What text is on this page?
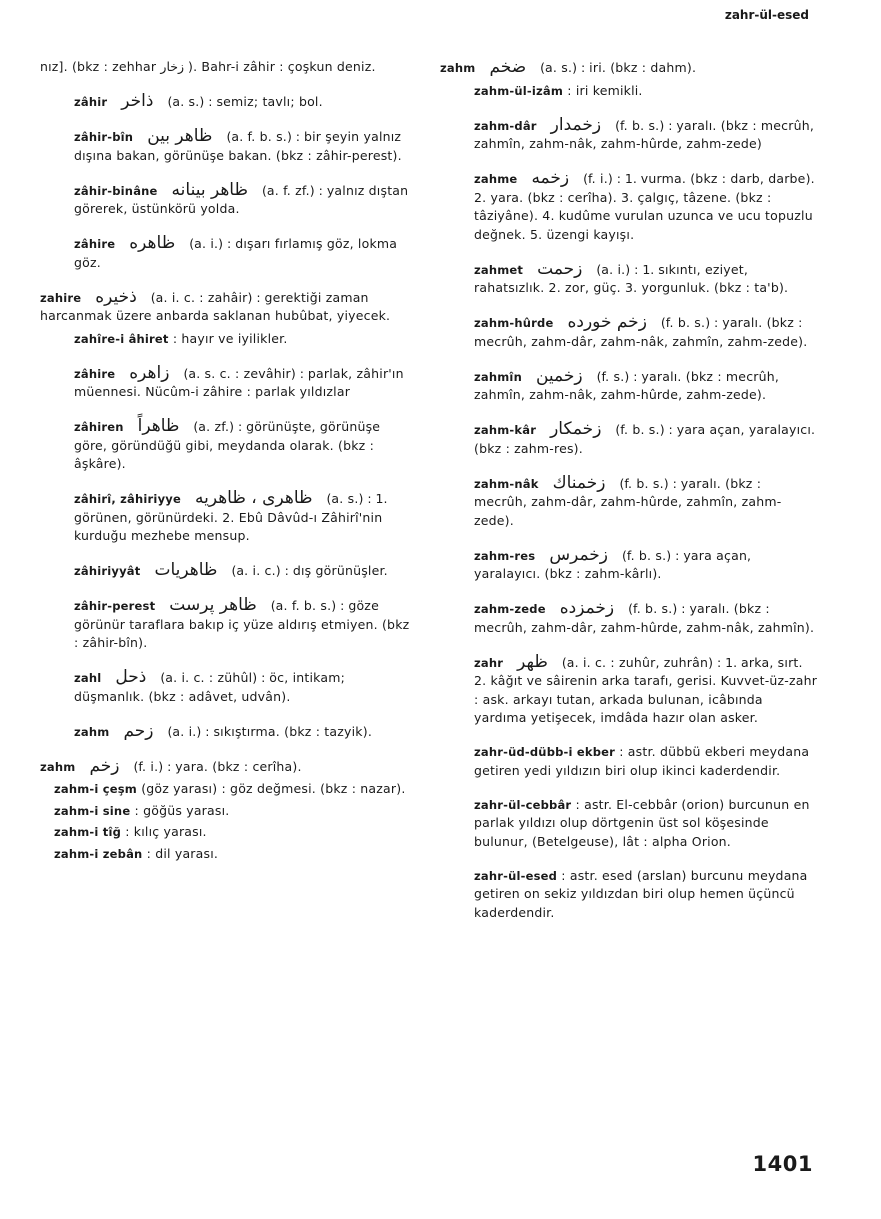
zahr-ül-esed
nız]. (bkz : zehhar زخار ). Bahr-i zâhir : çoşkun deniz.
zâhir ذاخر (a. s.) : semiz; tavlı; bol.
zâhir-bîn ظاهر بين (a. f. b. s.) : bir şeyin yalnız dışına bakan, görünüşe bakan. (bkz : zâhir-perest).
zâhir-binâne ظاهر بينانه (a. f. zf.) : yalnız dıştan görerek, üstünkörü yolda.
zâhire ظاهره (a. i.) : dışarı fırlamış göz, lokma göz.
zahire ذخيره (a. i. c. : zahâir) : gerektiği zaman harcanmak üzere anbarda saklanan hubûbat, yiyecek.
zahîre-i âhiret : hayır ve iyilikler.
zâhire زاهره (a. s. c. : zevâhir) : parlak, zâhir'ın müennesi. Nücûm-i zâhire : parlak yıldızlar
zâhiren ظاهراً (a. zf.) : görünüşte, görünüşe göre, göründüğü gibi, meydanda olarak. (bkz : âşkâre).
zâhirî, zâhiriyye ظاهرى ، ظاهريه (a. s.) : 1. görünen, görünürdeki. 2. Ebû Dâvûd-ı Zâhirî'nin kurduğu mezhebe mensup.
zâhiriyyât ظاهريات (a. i. c.) : dış görünüşler.
zâhir-perest ظاهر پرست (a. f. b. s.) : göze görünür taraflara bakıp iç yüze aldırış etmiyen. (bkz : zâhir-bîn).
zahl ذحل (a. i. c. : zühûl) : öc, intikam; düşmanlık. (bkz : adâvet, udvân).
zahm زحم (a. i.) : sıkıştırma. (bkz : tazyik).
zahm زخم (f. i.) : yara. (bkz : cerîha).
zahm-i çeşm (göz yarası) : göz değmesi. (bkz : nazar).
zahm-i sine : göğüs yarası.
zahm-i tîğ : kılıç yarası.
zahm-i zebân : dil yarası.
zahm ضخم (a. s.) : iri. (bkz : dahm).
zahm-ül-izâm : iri kemikli.
zahm-dâr زخمدار (f. b. s.) : yaralı. (bkz : mecrûh, zahmîn, zahm-nâk, zahm-hûrde, zahm-zede)
zahme زخمه (f. i.) : 1. vurma. (bkz : darb, darbe). 2. yara. (bkz : cerîha). 3. çalgıç, tâzene. (bkz : tâziyâne). 4. kudûme vurulan uzunca ve ucu topuzlu değnek. 5. üzengi kayışı.
zahmet زحمت (a. i.) : 1. sıkıntı, eziyet, rahatsızlık. 2. zor, güç. 3. yorgunluk. (bkz : ta'b).
zahm-hûrde زخم خورده (f. b. s.) : yaralı. (bkz : mecrûh, zahm-dâr, zahm-nâk, zahmîn, zahm-zede).
zahmîn زخمين (f. s.) : yaralı. (bkz : mecrûh, zahmîn, zahm-nâk, zahm-hûrde, zahm-zede).
zahm-kâr زخمكار (f. b. s.) : yara açan, yaralayıcı. (bkz : zahm-res).
zahm-nâk زخمناك (f. b. s.) : yaralı. (bkz : mecrûh, zahm-dâr, zahm-hûrde, zahmîn, zahm-zede).
zahm-res زخمرس (f. b. s.) : yara açan, yaralayıcı. (bkz : zahm-kârlı).
zahm-zede زخمزده (f. b. s.) : yaralı. (bkz : mecrûh, zahm-dâr, zahm-hûrde, zahm-nâk, zahmîn).
zahr ظهر (a. i. c. : zuhûr, zuhrân) : 1. arka, sırt. 2. kâğıt ve sâirenin arka tarafı, gerisi. Kuvvet-üz-zahr : ask. arkayı tutan, arkada bulunan, icâbında yardıma yetişecek, imdâda hazır olan asker.
zahr-üd-dübb-i ekber : astr. dübbü ekberi meydana getiren yedi yıldızın biri olup ikinci kaderdendir.
zahr-ül-cebbâr : astr. El-cebbâr (orion) burcunun en parlak yıldızı olup dörtgenin üst sol köşesinde bulunur, (Betelgeuse), lât : alpha Orion.
zahr-ül-esed : astr. esed (arslan) burcunu meydana getiren on sekiz yıldızdan biri olup hemen üçüncü kaderdendir.
1401
